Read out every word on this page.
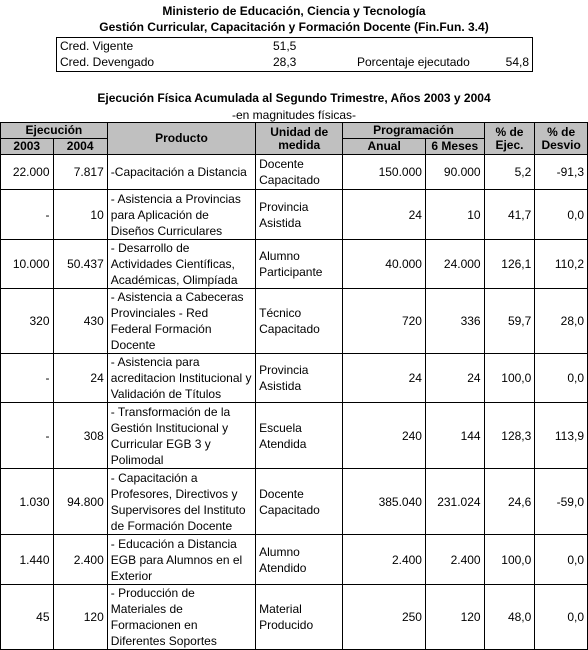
Ministerio de Educación, Ciencia y Tecnología
Gestión Curricular, Capacitación y Formación Docente (Fin.Fun. 3.4)
Cred. Vigente	51,5
Cred. Devengado	28,3	Porcentaje ejecutado	54,8
Ejecución Física Acumulada al Segundo Trimestre, Años 2003 y 2004
-en magnitudes físicas-
Ejecución		Producto	Unidad de medida	Programación		% de Ejec.	% de Desvio
2003	2004			Anual	6 Meses		
22.000	7.817	-Capacitación a Distancia	Docente Capacitado	150.000	90.000	5,2	-91,3
-	10	- Asistencia a Provincias para Aplicación de Diseños Curriculares	Provincia Asistida	24	10	41,7	0,0
10.000	50.437	- Desarrollo de Actividades Científicas, Académicas, Olimpíada	Alumno Participante	40.000	24.000	126,1	110,2
320	430	- Asistencia a Cabeceras Provinciales - Red Federal Formación Docente	Técnico Capacitado	720	336	59,7	28,0
-	24	- Asistencia para acreditacion Institucional y Validación de Títulos	Provincia Asistida	24	24	100,0	0,0
-	308	- Transformación de la Gestión Institucional y Curricular EGB 3 y Polimodal	Escuela Atendida	240	144	128,3	113,9
1.030	94.800	- Capacitación a Profesores, Directivos y Supervisores del Instituto de Formación Docente	Docente Capacitado	385.040	231.024	24,6	-59,0
1.440	2.400	- Educación a Distancia EGB para Alumnos en el Exterior	Alumno Atendido	2.400	2.400	100,0	0,0
45	120	- Producción de Materiales de Formacionen en Diferentes Soportes	Material Producido	250	120	48,0	0,0
